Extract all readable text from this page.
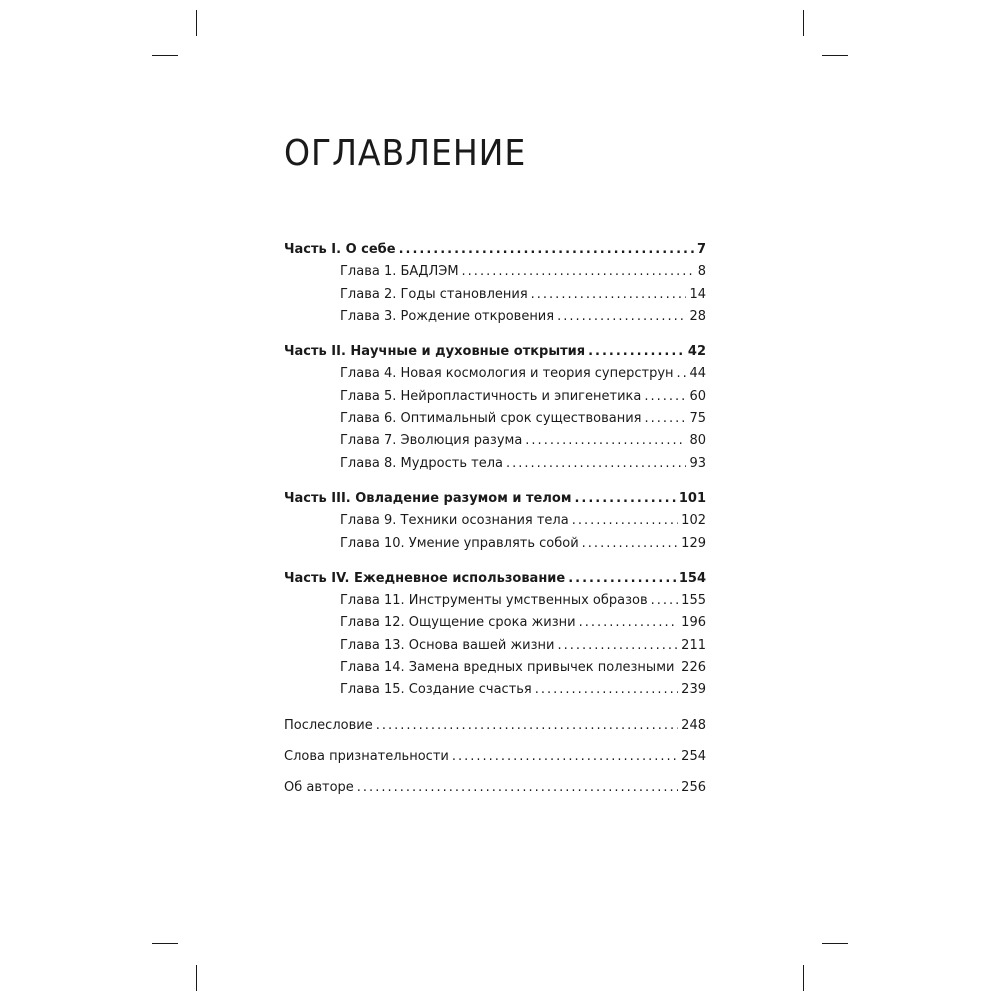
ОГЛАВЛЕНИЕ
Часть I. О себе .....	7
Глава 1. БАДЛЭМ .....	8
Глава 2. Годы становления .....	14
Глава 3. Рождение откровения .....	28
Часть II. Научные и духовные открытия .....	42
Глава 4. Новая космология и теория суперструн ..... 44
Глава 5. Нейропластичность и эпигенетика .....	60
Глава 6. Оптимальный срок существования .....	75
Глава 7. Эволюция разума .....	80
Глава 8. Мудрость тела .....	93
Часть III. Овладение разумом и телом .....	101
Глава 9. Техники осознания тела .....	102
Глава 10. Умение управлять собой .....	129
Часть IV. Ежедневное использование .....	154
Глава 11. Инструменты умственных образов .....	155
Глава 12. Ощущение срока жизни .....	196
Глава 13. Основа вашей жизни .....	211
Глава 14. Замена вредных привычек полезными ..... 226
Глава 15. Создание счастья .....	239
Послесловие .....	248
Слова признательности .....	254
Об авторе .....	256
